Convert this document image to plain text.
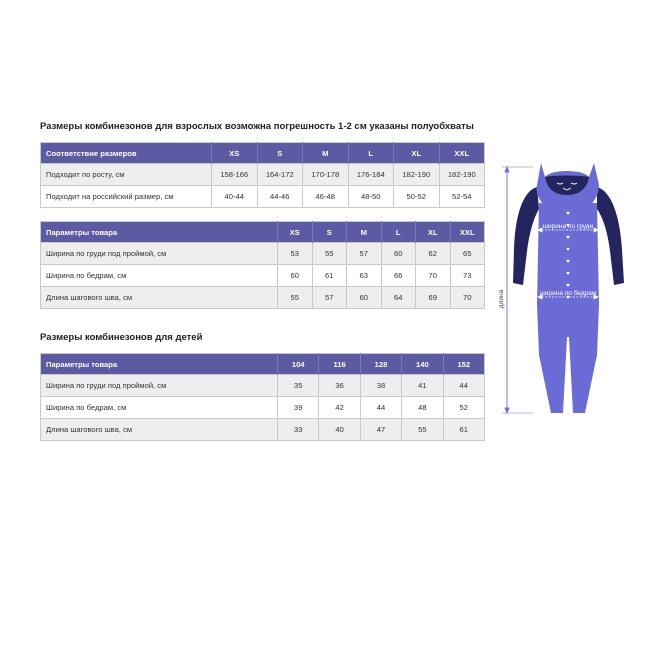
Размеры комбинезонов для взрослых возможна погрешность 1-2 см указаны полуобхваты
Соответствие размеров	XS	S	M	L	XL	XXL
Подходит по росту, см	158-166	164-172	170-178	176-184	182-190	182-190
Подходит на российский размер, см	40-44	44-46	46-48	48-50	50-52	52-54
Параметры товара	XS	S	M	L	XL	XXL
Ширина по груди под проймой, см	53	55	57	60	62	65
Ширина по бедрам, см	60	61	63	66	70	73
Длина шагового шва, см	55	57	60	64	69	70
Размеры комбинезонов для детей
Параметры товара	104	116	128	140	152
Ширина по груди под проймой, см	35	36	38	41	44
Ширина по бедрам, см	39	42	44	48	52
Длина шагового шва, см	33	40	47	55	61
ширина по груди
ширина по бедрам
длина
